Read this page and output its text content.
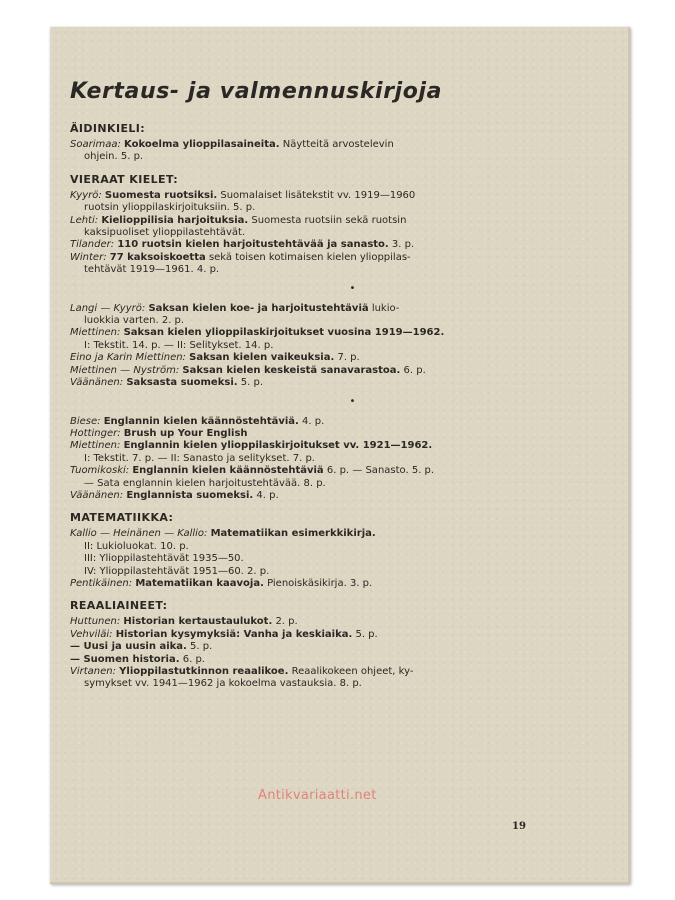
Kertaus- ja valmennuskirjoja
ÄIDINKIELI:
Soarimaa: Kokoelma ylioppilasaineita. Näytteitä arvostelevin
ohjein. 5. p.
VIERAAT KIELET:
Kyyrö: Suomesta ruotsiksi. Suomalaiset lisätekstit vv. 1919—1960
ruotsin ylioppilaskirjoituksiin. 5. p.
Lehti: Kielioppilisia harjoituksia. Suomesta ruotsiin sekä ruotsin
kaksipuoliset ylioppilastehtävät.
Tilander: 110 ruotsin kielen harjoitustehtävää ja sanasto. 3. p.
Winter: 77 kaksoiskoetta sekä toisen kotimaisen kielen ylioppilas-
tehtävät 1919—1961. 4. p.
•
Langi — Kyyrö: Saksan kielen koe- ja harjoitustehtäviä lukio-
luokkia varten. 2. p.
Miettinen: Saksan kielen ylioppilaskirjoitukset vuosina 1919—1962.
I: Tekstit. 14. p. — II: Selitykset. 14. p.
Eino ja Karin Miettinen: Saksan kielen vaikeuksia. 7. p.
Miettinen — Nyström: Saksan kielen keskeistä sanavarastoa. 6. p.
Väänänen: Saksasta suomeksi. 5. p.
•
Biese: Englannin kielen käännöstehtäviä. 4. p.
Hottinger: Brush up Your English
Miettinen: Englannin kielen ylioppilaskirjoitukset vv. 1921—1962.
I: Tekstit. 7. p. — II: Sanasto ja selitykset. 7. p.
Tuomikoski: Englannin kielen käännöstehtäviä 6. p. — Sanasto. 5. p.
— Sata englannin kielen harjoitustehtävää. 8. p.
Väänänen: Englannista suomeksi. 4. p.
MATEMATIIKKA:
Kallio — Heinänen — Kallio: Matematiikan esimerkkikirja.
II: Lukioluokat. 10. p.
III: Ylioppilastehtävät 1935—50.
IV: Ylioppilastehtävät 1951—60. 2. p.
Pentikäinen: Matematiikan kaavoja. Pienoiskäsikirja. 3. p.
REAALIAINEET:
Huttunen: Historian kertaustaulukot. 2. p.
Vehviläi: Historian kysymyksiä: Vanha ja keskiaika. 5. p.
— Uusi ja uusin aika. 5. p.
— Suomen historia. 6. p.
Virtanen: Ylioppilastutkinnon reaalikoe. Reaalikokeen ohjeet, ky-
symykset vv. 1941—1962 ja kokoelma vastauksia. 8. p.
Antikvariaatti.net
19
